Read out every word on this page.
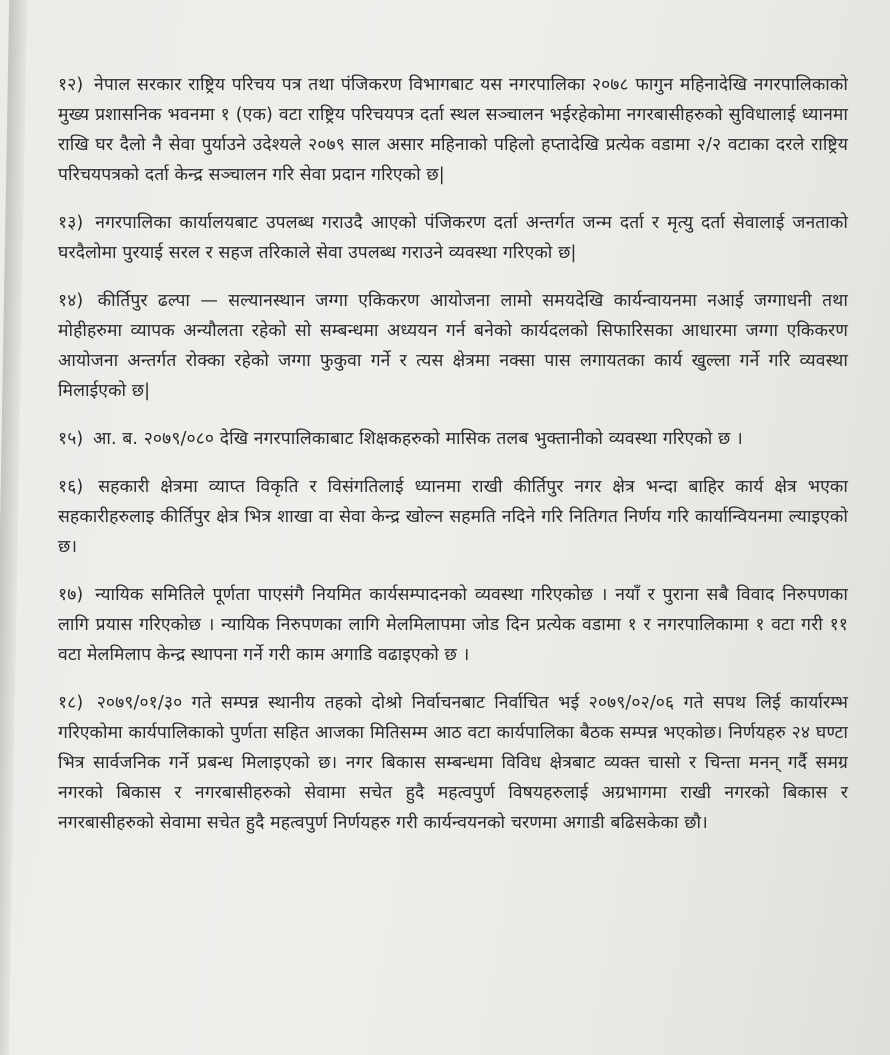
१२) नेपाल सरकार राष्ट्रिय परिचय पत्र तथा पंजिकरण विभागबाट यस नगरपालिका २०७८ फागुन महिनादेखि नगरपालिकाको मुख्य प्रशासनिक भवनमा १ (एक) वटा राष्ट्रिय परिचयपत्र दर्ता स्थल सञ्चालन भईरहेकोमा नगरबासीहरुको सुविधालाई ध्यानमा राखि घर दैलो नै सेवा पुर्याउने उदेश्यले २०७९ साल असार महिनाको पहिलो हप्तादेखि प्रत्येक वडामा २/२ वटाका दरले राष्ट्रिय परिचयपत्रको दर्ता केन्द्र सञ्चालन गरि सेवा प्रदान गरिएको छ|

१३) नगरपालिका कार्यालयबाट उपलब्ध गराउदै आएको पंजिकरण दर्ता अन्तर्गत जन्म दर्ता र मृत्यु दर्ता सेवालाई जनताको घरदैलोमा पुरयाई सरल र सहज तरिकाले सेवा उपलब्ध गराउने व्यवस्था गरिएको छ|

१४) कीर्तिपुर ढल्पा — सल्यानस्थान जग्गा एकिकरण आयोजना लामो समयदेखि कार्यन्वायनमा नआई जग्गाधनी तथा मोहीहरुमा व्यापक अन्यौलता रहेको सो सम्बन्धमा अध्ययन गर्न बनेको कार्यदलको सिफारिसका आधारमा जग्गा एकिकरण आयोजना अन्तर्गत रोक्का रहेको जग्गा फुकुवा गर्ने र त्यस क्षेत्रमा नक्सा पास लगायतका कार्य खुल्ला गर्ने गरि व्यवस्था मिलाईएको छ|

१५) आ. ब. २०७९/०८० देखि नगरपालिकाबाट शिक्षकहरुको मासिक तलब भुक्तानीको व्यवस्था गरिएको छ ।

१६) सहकारी क्षेत्रमा व्याप्त विकृति र विसंगतिलाई ध्यानमा राखी कीर्तिपुर नगर क्षेत्र भन्दा बाहिर कार्य क्षेत्र भएका सहकारीहरुलाइ कीर्तिपुर क्षेत्र भित्र शाखा वा सेवा केन्द्र खोल्न सहमति नदिने गरि नितिगत निर्णय गरि कार्यान्वियनमा ल्याइएको छ।

१७) न्यायिक समितिले पूर्णता पाएसंगै नियमित कार्यसम्पादनको व्यवस्था गरिएकोछ । नयाँ र पुराना सबै विवाद निरुपणका लागि प्रयास गरिएकोछ । न्यायिक निरुपणका लागि मेलमिलापमा जोड दिन प्रत्येक वडामा १ र नगरपालिकामा १ वटा गरी ११ वटा मेलमिलाप केन्द्र स्थापना गर्ने गरी काम अगाडि वढाइएको छ ।

१८) २०७९/०१/३० गते सम्पन्न स्थानीय तहको दोश्रो निर्वाचनबाट निर्वाचित भई २०७९/०२/०६ गते सपथ लिई कार्यारम्भ गरिएकोमा कार्यपालिकाको पुर्णता सहित आजका मितिसम्म आठ वटा कार्यपालिका बैठक सम्पन्न भएकोछ। निर्णयहरु २४ घण्टा भित्र सार्वजनिक गर्ने प्रबन्ध मिलाइएको छ। नगर बिकास सम्बन्धमा विविध क्षेत्रबाट व्यक्त चासो र चिन्ता मनन् गर्दै समग्र नगरको बिकास र नगरबासीहरुको सेवामा सचेत हुदै महत्वपुर्ण विषयहरुलाई अग्रभागमा राखी नगरको बिकास र नगरबासीहरुको सेवामा सचेत हुदै महत्वपुर्ण निर्णयहरु गरी कार्यन्वयनको चरणमा अगाडी बढिसकेका छौ।
